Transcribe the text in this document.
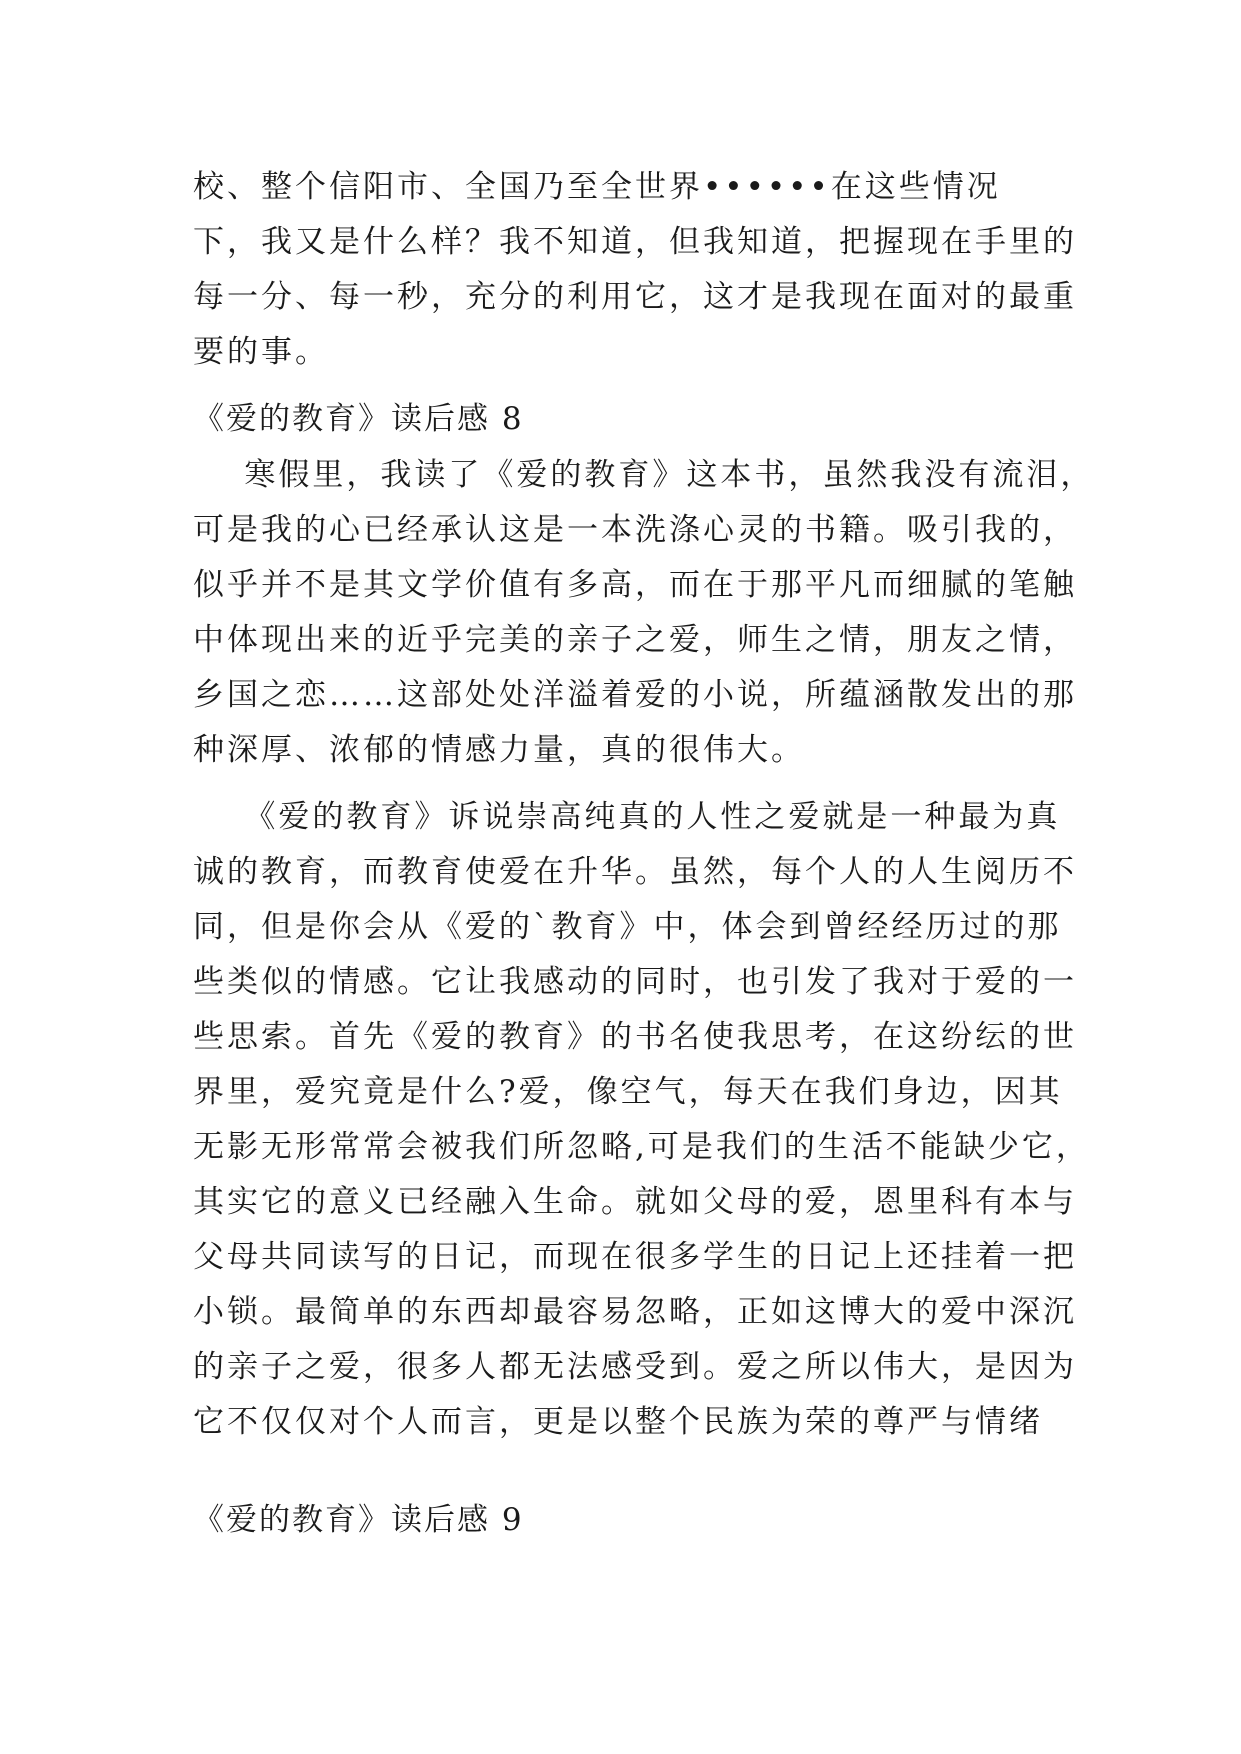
校、整个信阳市、全国乃至全世界••••••在这些情况
下，我又是什么样？我不知道，但我知道，把握现在手里的
每一分、每一秒，充分的利用它，这才是我现在面对的最重
要的事。
《爱的教育》读后感 8
寒假里，我读了《爱的教育》这本书，虽然我没有流泪，
可是我的心已经承认这是一本洗涤心灵的书籍。吸引我的，
似乎并不是其文学价值有多高，而在于那平凡而细腻的笔触
中体现出来的近乎完美的亲子之爱，师生之情，朋友之情，
乡国之恋……这部处处洋溢着爱的小说，所蕴涵散发出的那
种深厚、浓郁的情感力量，真的很伟大。
《爱的教育》诉说崇高纯真的人性之爱就是一种最为真
诚的教育，而教育使爱在升华。虽然，每个人的人生阅历不
同，但是你会从《爱的`教育》中，体会到曾经经历过的那
些类似的情感。它让我感动的同时，也引发了我对于爱的一
些思索。首先《爱的教育》的书名使我思考，在这纷纭的世
界里，爱究竟是什么?爱，像空气，每天在我们身边，因其
无影无形常常会被我们所忽略,可是我们的生活不能缺少它，
其实它的意义已经融入生命。就如父母的爱，恩里科有本与
父母共同读写的日记，而现在很多学生的日记上还挂着一把
小锁。最简单的东西却最容易忽略，正如这博大的爱中深沉
的亲子之爱，很多人都无法感受到。爱之所以伟大，是因为
它不仅仅对个人而言，更是以整个民族为荣的尊严与情绪
《爱的教育》读后感 9
